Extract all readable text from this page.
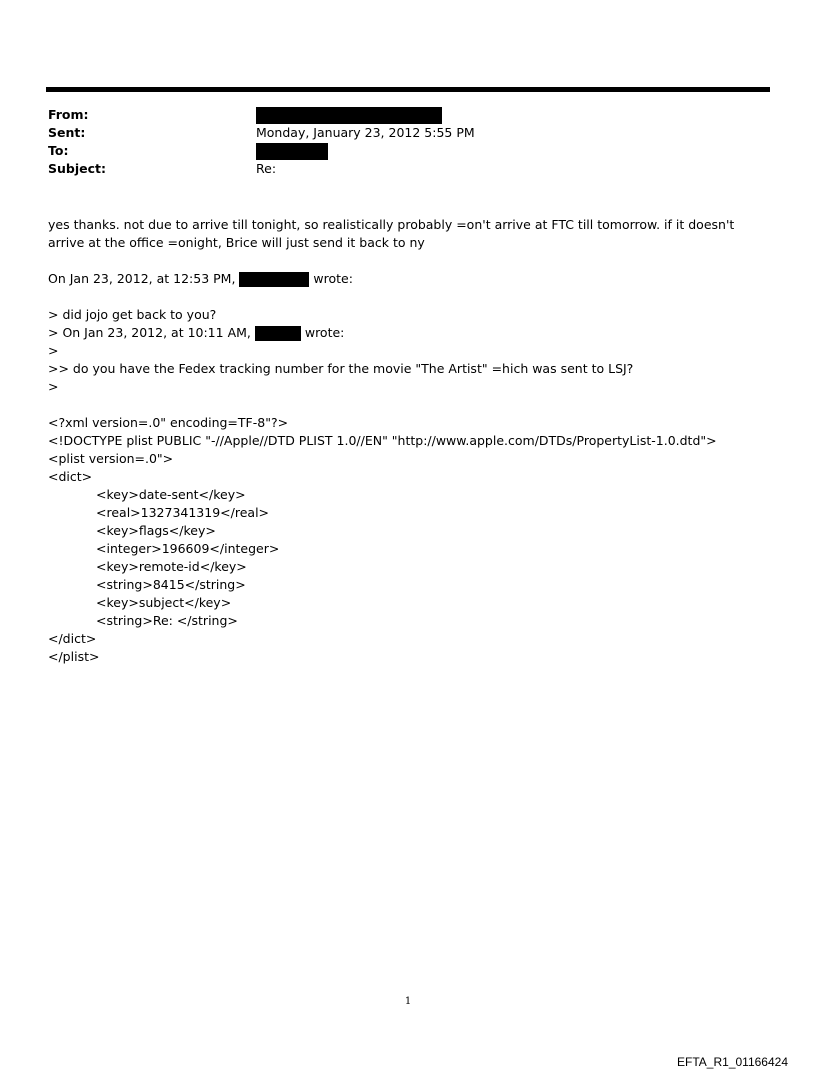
From:
Sent:	Monday, January 23, 2012 5:55 PM
To:
Subject:	Re:
yes thanks. not due to arrive till tonight, so realistically probably =on't arrive at FTC till tomorrow. if it doesn't arrive at the office =onight, Brice will just send it back to ny
On Jan 23, 2012, at 12:53 PM,	wrote:
> did jojo get back to you?
> On Jan 23, 2012, at 10:11 AM,	wrote:
>
>> do you have the Fedex tracking number for the movie "The Artist" =hich was sent to LSJ?
>
<?xml version=.0" encoding=TF-8"?>
<!DOCTYPE plist PUBLIC "-//Apple//DTD PLIST 1.0//EN" "http://www.apple.com/DTDs/PropertyList-1.0.dtd">
<plist version=.0">
<dict>
<key>date-sent</key>
<real>1327341319</real>
<key>flags</key>
<integer>196609</integer>
<key>remote-id</key>
<string>8415</string>
<key>subject</key>
<string>Re: </string>
</dict>
</plist>
1
EFTA_R1_01166424
